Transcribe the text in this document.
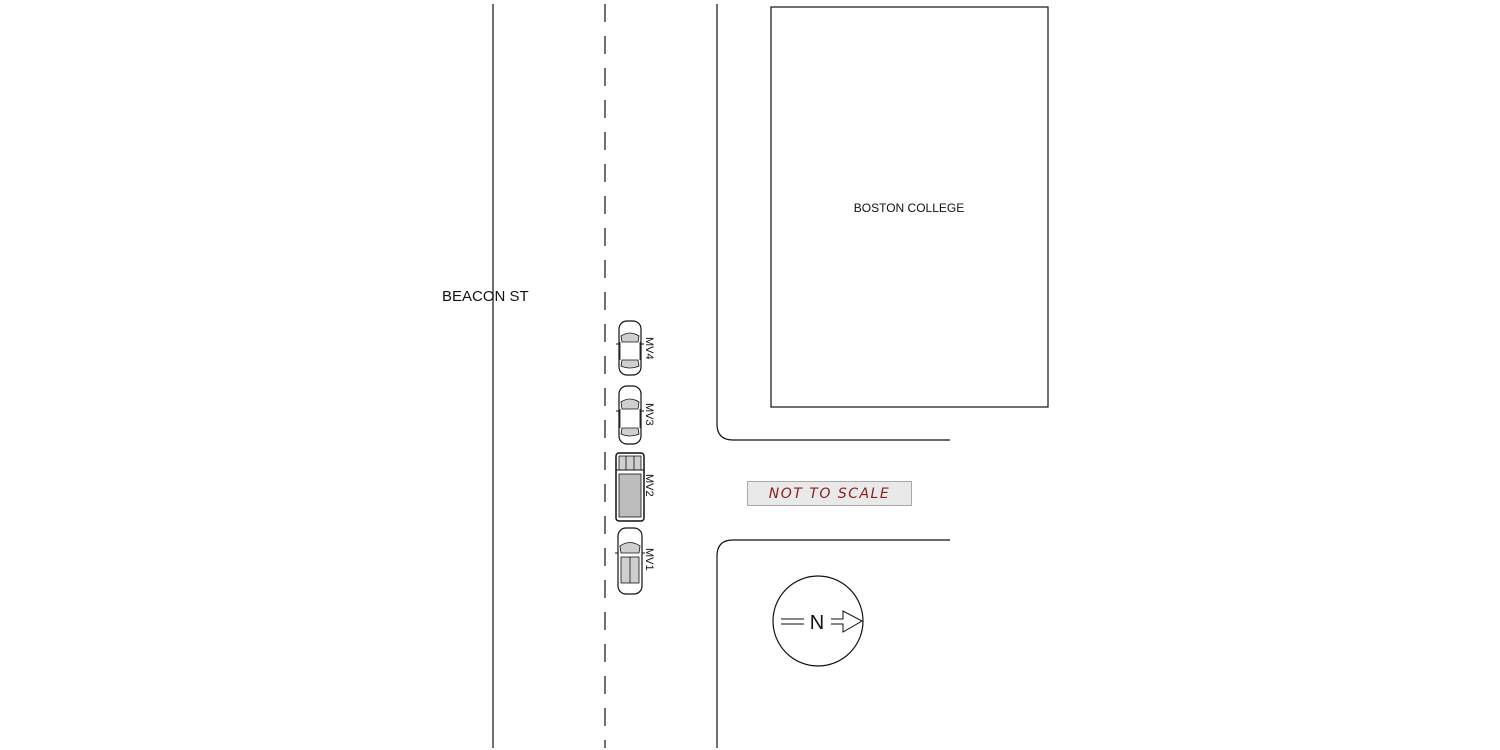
BEACON ST
BOSTON COLLEGE
MV4
MV3
MV2
MV1
N
NOT TO SCALE
